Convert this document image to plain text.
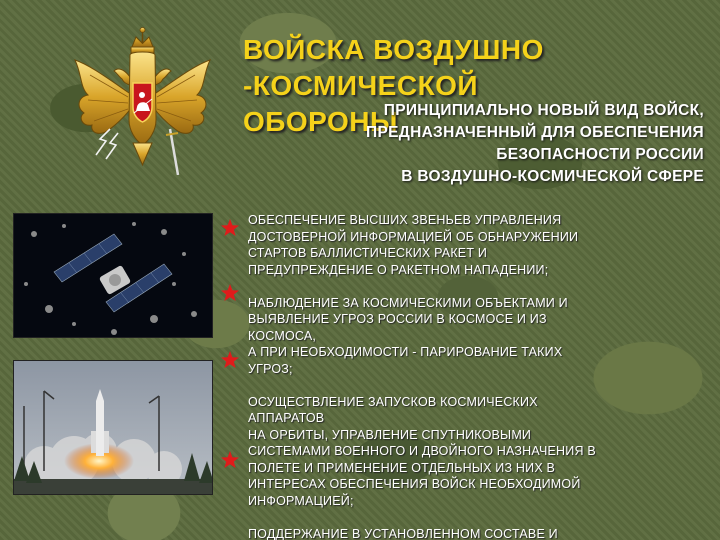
ВОЙСКА ВОЗДУШНО
-КОСМИЧЕСКОЙ
ОБОРОНЫ
ПРИНЦИПИАЛЬНО НОВЫЙ ВИД ВОЙСК,
ПРЕДНАЗНАЧЕННЫЙ ДЛЯ ОБЕСПЕЧЕНИЯ
БЕЗОПАСНОСТИ РОССИИ
В ВОЗДУШНО-КОСМИЧЕСКОЙ СФЕРЕ
ОБЕСПЕЧЕНИЕ ВЫСШИХ ЗВЕНЬЕВ УПРАВЛЕНИЯ
ДОСТОВЕРНОЙ ИНФОРМАЦИЕЙ ОБ ОБНАРУЖЕНИИ
СТАРТОВ БАЛЛИСТИЧЕСКИХ РАКЕТ И
ПРЕДУПРЕЖДЕНИЕ О РАКЕТНОМ НАПАДЕНИИ;
НАБЛЮДЕНИЕ ЗА КОСМИЧЕСКИМИ ОБЪЕКТАМИ И
ВЫЯВЛЕНИЕ УГРОЗ РОССИИ В КОСМОСЕ И ИЗ
КОСМОСА,
А ПРИ НЕОБХОДИМОСТИ - ПАРИРОВАНИЕ ТАКИХ
УГРОЗ;
ОСУЩЕСТВЛЕНИЕ ЗАПУСКОВ КОСМИЧЕСКИХ
АППАРАТОВ
НА ОРБИТЫ, УПРАВЛЕНИЕ СПУТНИКОВЫМИ
СИСТЕМАМИ ВОЕННОГО И ДВОЙНОГО НАЗНАЧЕНИЯ В
ПОЛЕТЕ И ПРИМЕНЕНИЕ ОТДЕЛЬНЫХ ИЗ НИХ В
ИНТЕРЕСАХ ОБЕСПЕЧЕНИЯ ВОЙСК НЕОБХОДИМОЙ
ИНФОРМАЦИЕЙ;
ПОДДЕРЖАНИЕ В УСТАНОВЛЕННОМ СОСТАВЕ И
